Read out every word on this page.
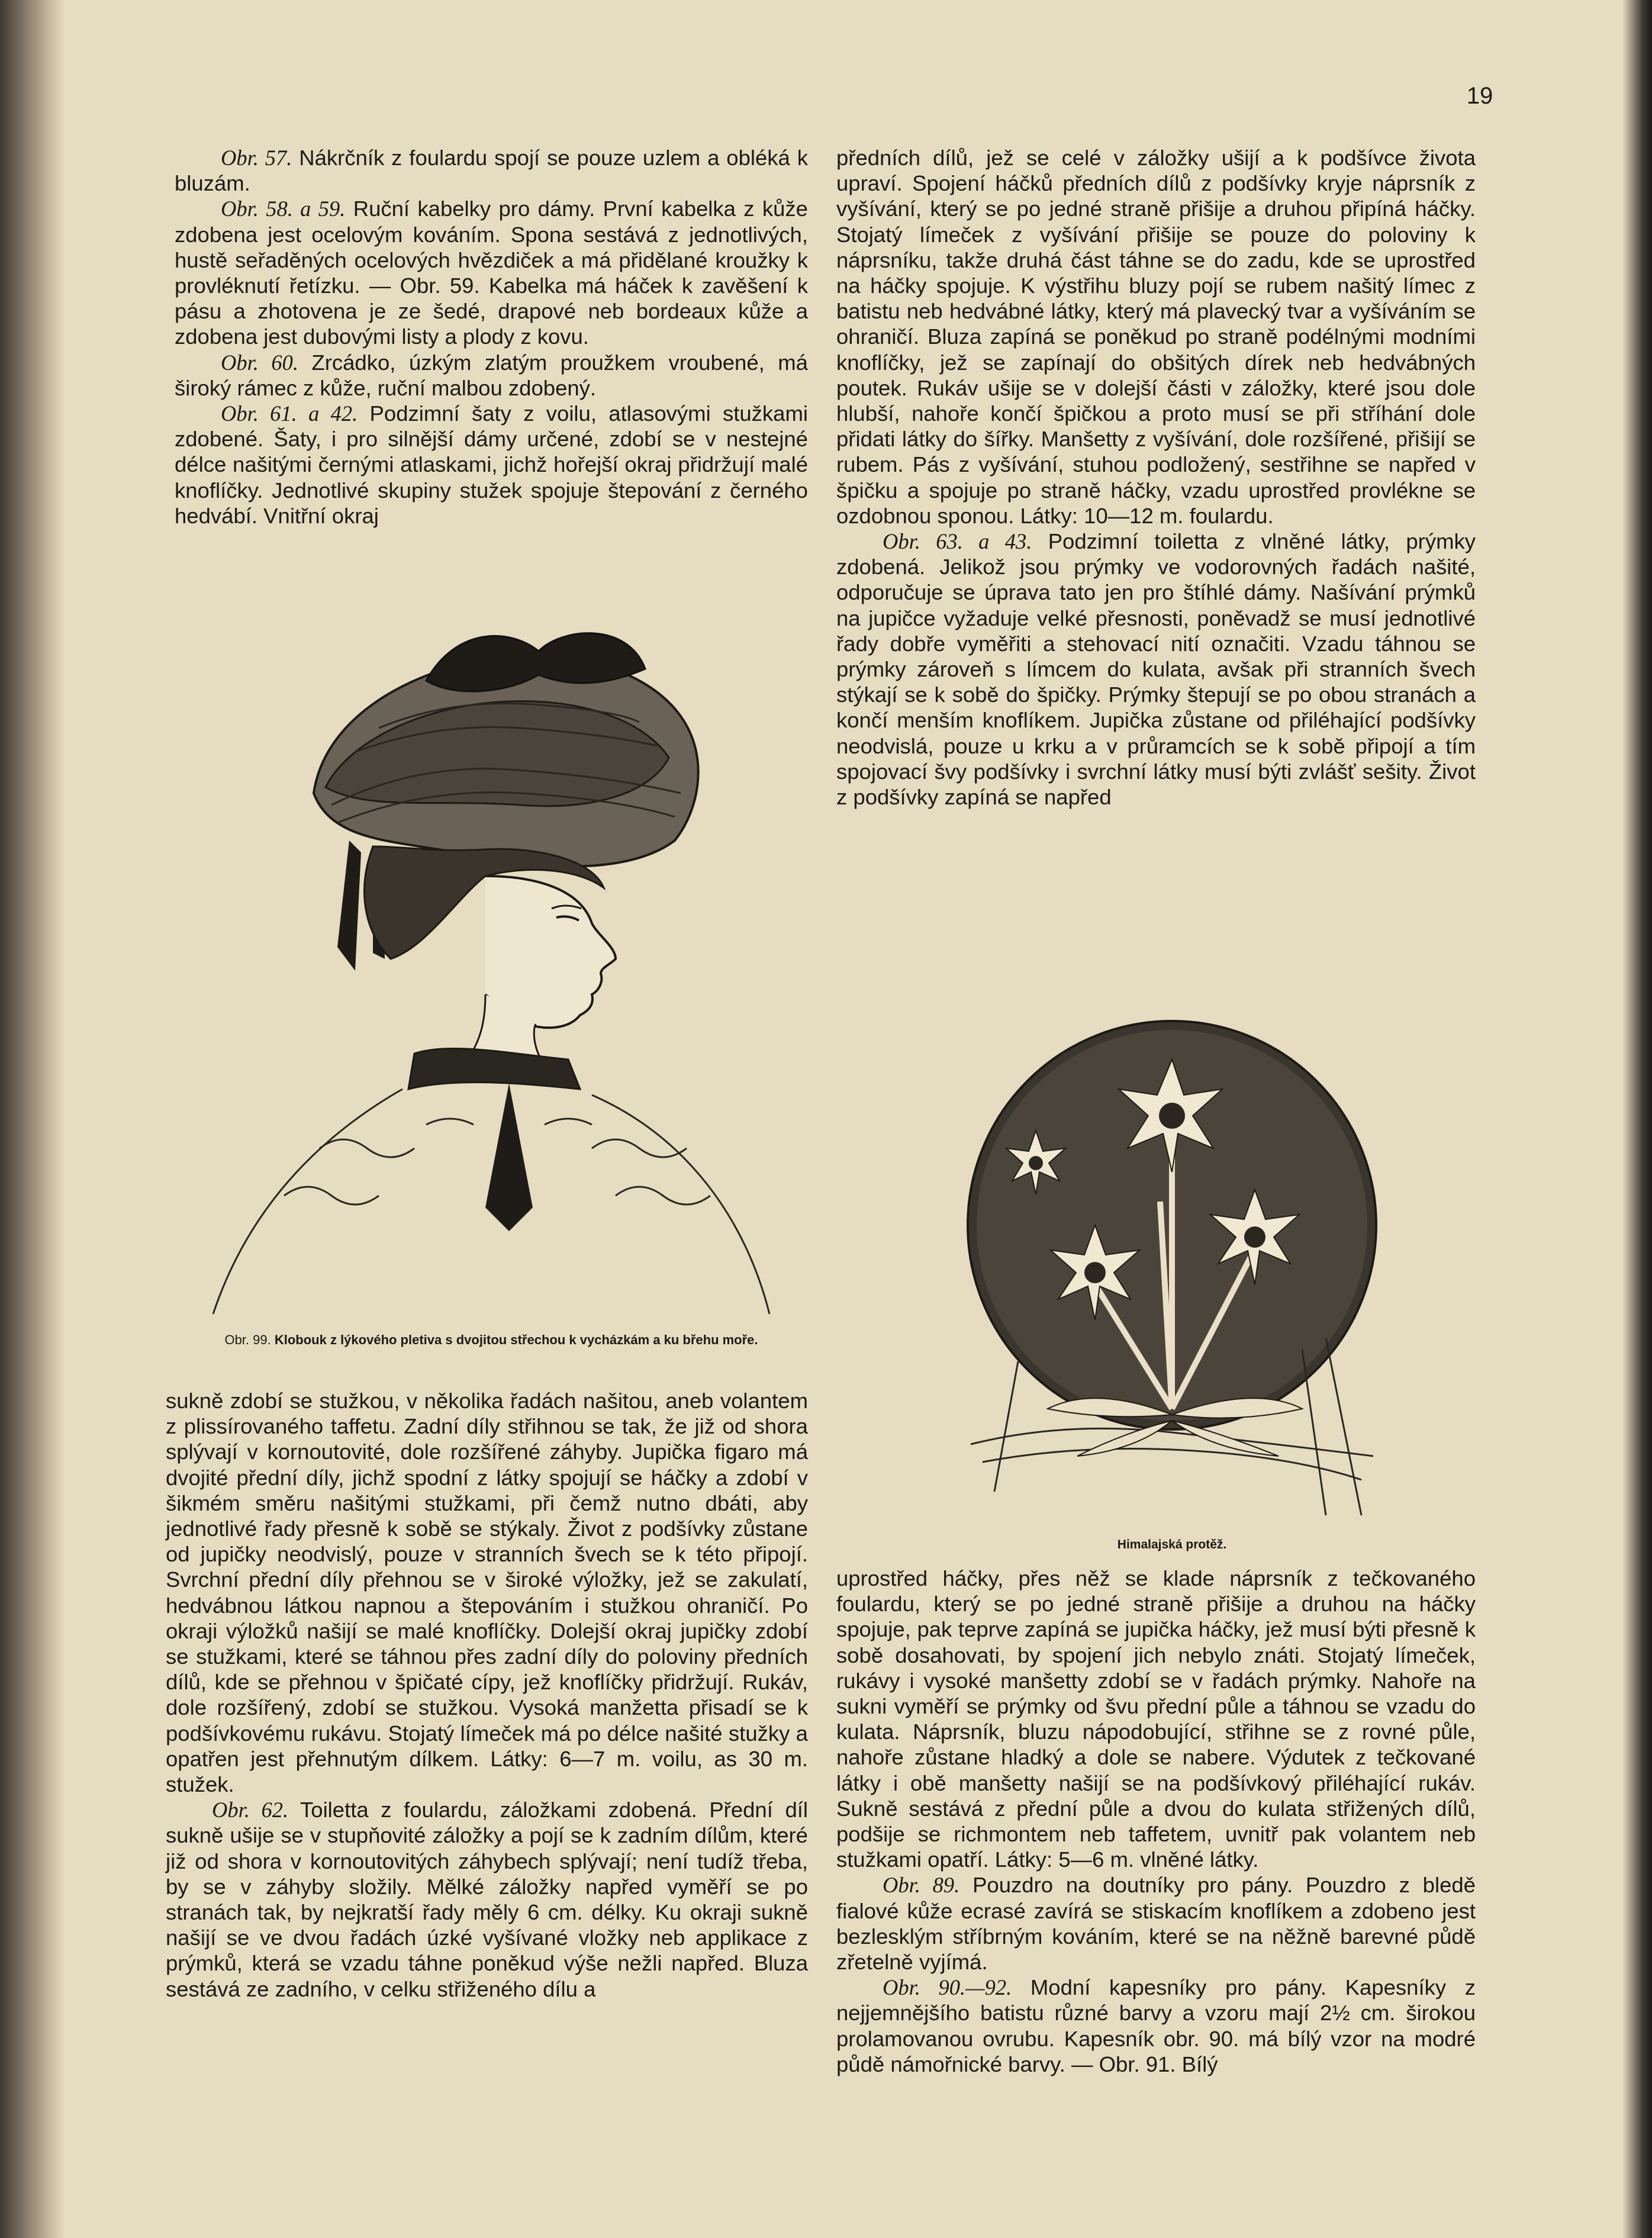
19

Obr. 57. Nákrčník z foulardu spojí se pouze uzlem a obléká k bluzám.

Obr. 58. a 59. Ruční kabelky pro dámy. První kabelka z kůže zdobena jest ocelovým kováním. Spona sestává z jednotlivých, hustě seřaděných ocelových hvězdiček a má přidělané kroužky k provléknutí řetízku. — Obr. 59. Kabelka má háček k zavěšení k pásu a zhotovena je ze šedé, drapové neb bordeaux kůže a zdobena jest dubovými listy a plody z kovu.

Obr. 60. Zrcádko, úzkým zlatým proužkem vroubené, má široký rámec z kůže, ruční malbou zdobený.

Obr. 61. a 42. Podzimní šaty z voilu, atlasovými stužkami zdobené. Šaty, i pro silnější dámy určené, zdobí se v nestejné délce našitými černými atlaskami, jichž hořejší okraj přidržují malé knoflíčky. Jednotlivé skupiny stužek spojuje štepování z černého hedvábí. Vnitřní okraj

Obr. 99. Klobouk z lýkového pletiva s dvojitou střechou k vycházkám a ku břehu moře.

sukně zdobí se stužkou, v několika řadách našitou, aneb volantem z plissírovaného taffetu. Zadní díly střihnou se tak, že již od shora splývají v kornoutovité, dole rozšířené záhyby. Jupička figaro má dvojité přední díly, jichž spodní z látky spojují se háčky a zdobí v šikmém směru našitými stužkami, při čemž nutno dbáti, aby jednotlivé řady přesně k sobě se stýkaly. Život z podšívky zůstane od jupičky neodvislý, pouze v stranních švech se k této připojí. Svrchní přední díly přehnou se v široké výložky, jež se zakulatí, hedvábnou látkou napnou a štepováním i stužkou ohraničí. Po okraji výložků našijí se malé knoflíčky. Dolejší okraj jupičky zdobí se stužkami, které se táhnou přes zadní díly do poloviny předních dílů, kde se přehnou v špičaté cípy, jež knoflíčky přidržují. Rukáv, dole rozšířený, zdobí se stužkou. Vysoká manžetta přisadí se k podšívkovému rukávu. Stojatý límeček má po délce našité stužky a opatřen jest přehnutým dílkem. Látky: 6—7 m. voilu, as 30 m. stužek.

Obr. 62. Toiletta z foulardu, záložkami zdobená. Přední díl sukně ušije se v stupňovité záložky a pojí se k zadním dílům, které již od shora v kornoutovitých záhybech splývají; není tudíž třeba, by se v záhyby složily. Mělké záložky napřed vyměří se po stranách tak, by nejkratší řady měly 6 cm. délky. Ku okraji sukně našijí se ve dvou řadách úzké vyšívané vložky neb applikace z prýmků, která se vzadu táhne poněkud výše nežli napřed. Bluza sestává ze zadního, v celku střiženého dílu a

předních dílů, jež se celé v záložky ušijí a k podšívce života upraví. Spojení háčků předních dílů z podšívky kryje náprsník z vyšívání, který se po jedné straně přišije a druhou připíná háčky. Stojatý límeček z vyšívání přišije se pouze do poloviny k náprsníku, takže druhá část táhne se do zadu, kde se uprostřed na háčky spojuje. K výstřihu bluzy pojí se rubem našitý límec z batistu neb hedvábné látky, který má plavecký tvar a vyšíváním se ohraničí. Bluza zapíná se poněkud po straně podélnými modními knoflíčky, jež se zapínají do obšitých dírek neb hedvábných poutek. Rukáv ušije se v dolejší části v záložky, které jsou dole hlubší, nahoře končí špičkou a proto musí se při stříhání dole přidati látky do šířky. Manšetty z vyšívání, dole rozšířené, přišijí se rubem. Pás z vyšívání, stuhou podložený, sestřihne se napřed v špičku a spojuje po straně háčky, vzadu uprostřed provlékne se ozdobnou sponou. Látky: 10—12 m. foulardu.

Obr. 63. a 43. Podzimní toiletta z vlněné látky, prýmky zdobená. Jelikož jsou prýmky ve vodorovných řadách našité, odporučuje se úprava tato jen pro štíhlé dámy. Našívání prýmků na jupičce vyžaduje velké přesnosti, poněvadž se musí jednotlivé řady dobře vyměřiti a stehovací nití označiti. Vzadu táhnou se prýmky zároveň s límcem do kulata, avšak při stranních švech stýkají se k sobě do špičky. Prýmky štepují se po obou stranách a končí menším knoflíkem. Jupička zůstane od přiléhající podšívky neodvislá, pouze u krku a v průramcích se k sobě připojí a tím spojovací švy podšívky i svrchní látky musí býti zvlášť sešity. Život z podšívky zapíná se napřed

Himalajská protěž.

uprostřed háčky, přes něž se klade náprsník z tečkovaného foulardu, který se po jedné straně přišije a druhou na háčky spojuje, pak teprve zapíná se jupička háčky, jež musí býti přesně k sobě dosahovati, by spojení jich nebylo znáti. Stojatý límeček, rukávy i vysoké manšetty zdobí se v řadách prýmky. Nahoře na sukni vyměří se prýmky od švu přední půle a táhnou se vzadu do kulata. Náprsník, bluzu nápodobující, střihne se z rovné půle, nahoře zůstane hladký a dole se nabere. Výdutek z tečkované látky i obě manšetty našijí se na podšívkový přiléhající rukáv. Sukně sestává z přední půle a dvou do kulata střižených dílů, podšije se richmontem neb taffetem, uvnitř pak volantem neb stužkami opatří. Látky: 5—6 m. vlněné látky.

Obr. 89. Pouzdro na doutníky pro pány. Pouzdro z bledě fialové kůže ecrasé zavírá se stiskacím knoflíkem a zdobeno jest bezlesklým stříbrným kováním, které se na něžně barevné půdě zřetelně vyjímá.

Obr. 90.—92. Modní kapesníky pro pány. Kapesníky z nejjemnějšího batistu různé barvy a vzoru mají 2½ cm. širokou prolamovanou ovrubu. Kapesník obr. 90. má bílý vzor na modré půdě námořnické barvy. — Obr. 91. Bílý
